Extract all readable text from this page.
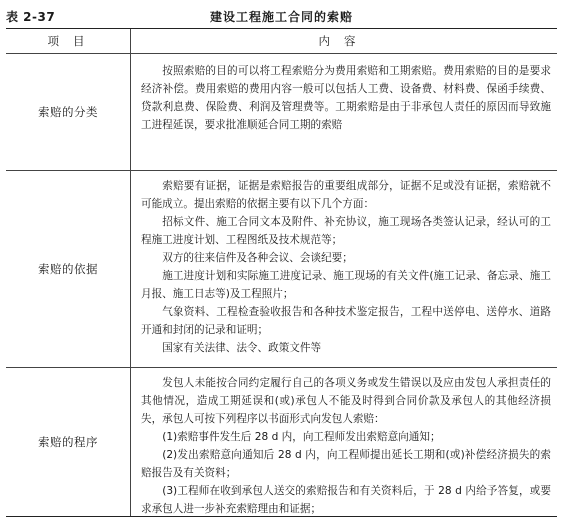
表 2-37	建设工程施工合同的索赔
项目	内容
索赔的分类

按照索赔的目的可以将工程索赔分为费用索赔和工期索赔。费用索赔的目的是要求经济补偿。费用索赔的费用内容一般可以包括人工费、设备费、材料费、保函手续费、贷款利息费、保险费、利润及管理费等。工期索赔是由于非承包人责任的原因而导致施工进程延误，要求批准顺延合同工期的索赔

索赔的依据

索赔要有证据，证据是索赔报告的重要组成部分，证据不足或没有证据，索赔就不可能成立。提出索赔的依据主要有以下几个方面：

招标文件、施工合同文本及附件、补充协议，施工现场各类签认记录，经认可的工程施工进度计划、工程图纸及技术规范等；

双方的往来信件及各种会议、会谈纪要；

施工进度计划和实际施工进度记录、施工现场的有关文件(施工记录、备忘录、施工月报、施工日志等)及工程照片；

气象资料、工程检查验收报告和各种技术鉴定报告，工程中送停电、送停水、道路开通和封闭的记录和证明；

国家有关法律、法令、政策文件等

索赔的程序

发包人未能按合同约定履行自己的各项义务或发生错误以及应由发包人承担责任的其他情况，造成工期延误和(或)承包人不能及时得到合同价款及承包人的其他经济损失，承包人可按下列程序以书面形式向发包人索赔：

(1)索赔事件发生后 28 d 内，向工程师发出索赔意向通知；

(2)发出索赔意向通知后 28 d 内，向工程师提出延长工期和(或)补偿经济损失的索赔报告及有关资料；

(3)工程师在收到承包人送交的索赔报告和有关资料后，于 28 d 内给予答复，或要求承包人进一步补充索赔理由和证据；
